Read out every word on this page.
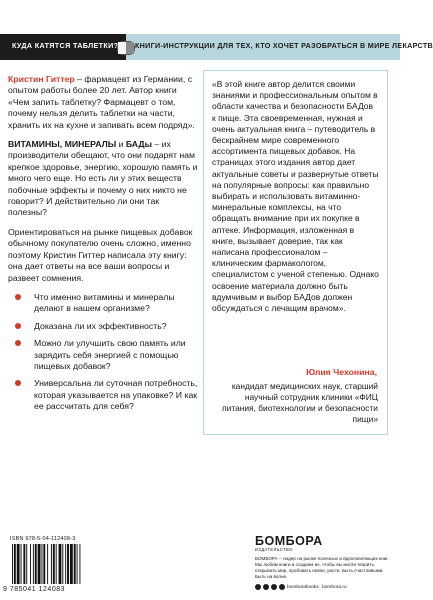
КУДА КАТЯТСЯ ТАБЛЕТКИ? КНИГИ-ИНСТРУКЦИИ ДЛЯ ТЕХ, КТО ХОЧЕТ РАЗОБРАТЬСЯ В МИРЕ ЛЕКАРСТВ

Кристин Гиттер – фармацевт из Германии, с опытом работы более 20 лет. Автор книги «Чем запить таблетку? Фармацевт о том, почему нельзя делить таблетки на части, хранить их на кухне и запивать всем подряд».

ВИТАМИНЫ, МИНЕРАЛЫ и БАДы – их производители обещают, что они подарят нам крепкое здоровье, энергию, хорошую память и много чего еще. Но есть ли у этих веществ побочные эффекты и почему о них никто не говорит? И действительно ли они так полезны?

Ориентироваться на рынке пищевых добавок обычному покупателю очень сложно, именно поэтому Кристин Гиттер написала эту книгу: она дает ответы на все ваши вопросы и развеет сомнения.

Что именно витамины и минералы делают в нашем организме?
Доказана ли их эффективность?
Можно ли улучшить свою память или зарядить себя энергией с помощью пищевых добавок?
Универсальна ли суточная потребность, которая указывается на упаковке? И как ее рассчитать для себя?
«В этой книге автор делится своими знаниями и профессиональным опытом в области качества и безопасности БАДов к пище. Эта своевременная, нужная и очень актуальная книга – путеводитель в бескрайнем мире современного ассортимента пищевых добавок. На страницах этого издания автор дает актуальные советы и развернутые ответы на популярные вопросы: как правильно выбирать и использовать витаминно-минеральные комплексы, на что обращать внимание при их покупке в аптеке. Информация, изложенная в книге, вызывает доверие, так как написана профессионалом – клиническим фармакологом, специалистом с ученой степенью. Однако освоение материала должно быть вдумчивым и выбор БАДов должен обсуждаться с лечащим врачом».
Юлия Чехонина,
кандидат медицинских наук, старший научный сотрудник клиники «ФИЦ питания, биотехнологии и безопасности пищи»
ISBN 978-5-04-112408-3
9 785041 124083
БОМБОРА
ИЗДАТЕЛЬСТВО
БОМБОРА – лидер на рынке полезных и вдохновляющих книг. Мы любим книги и создаем их, чтобы вы могли творить, открывать мир, пробовать новое, расти. Быть счастливыми. Быть на волне.
bomborabooks
bombora.ru
